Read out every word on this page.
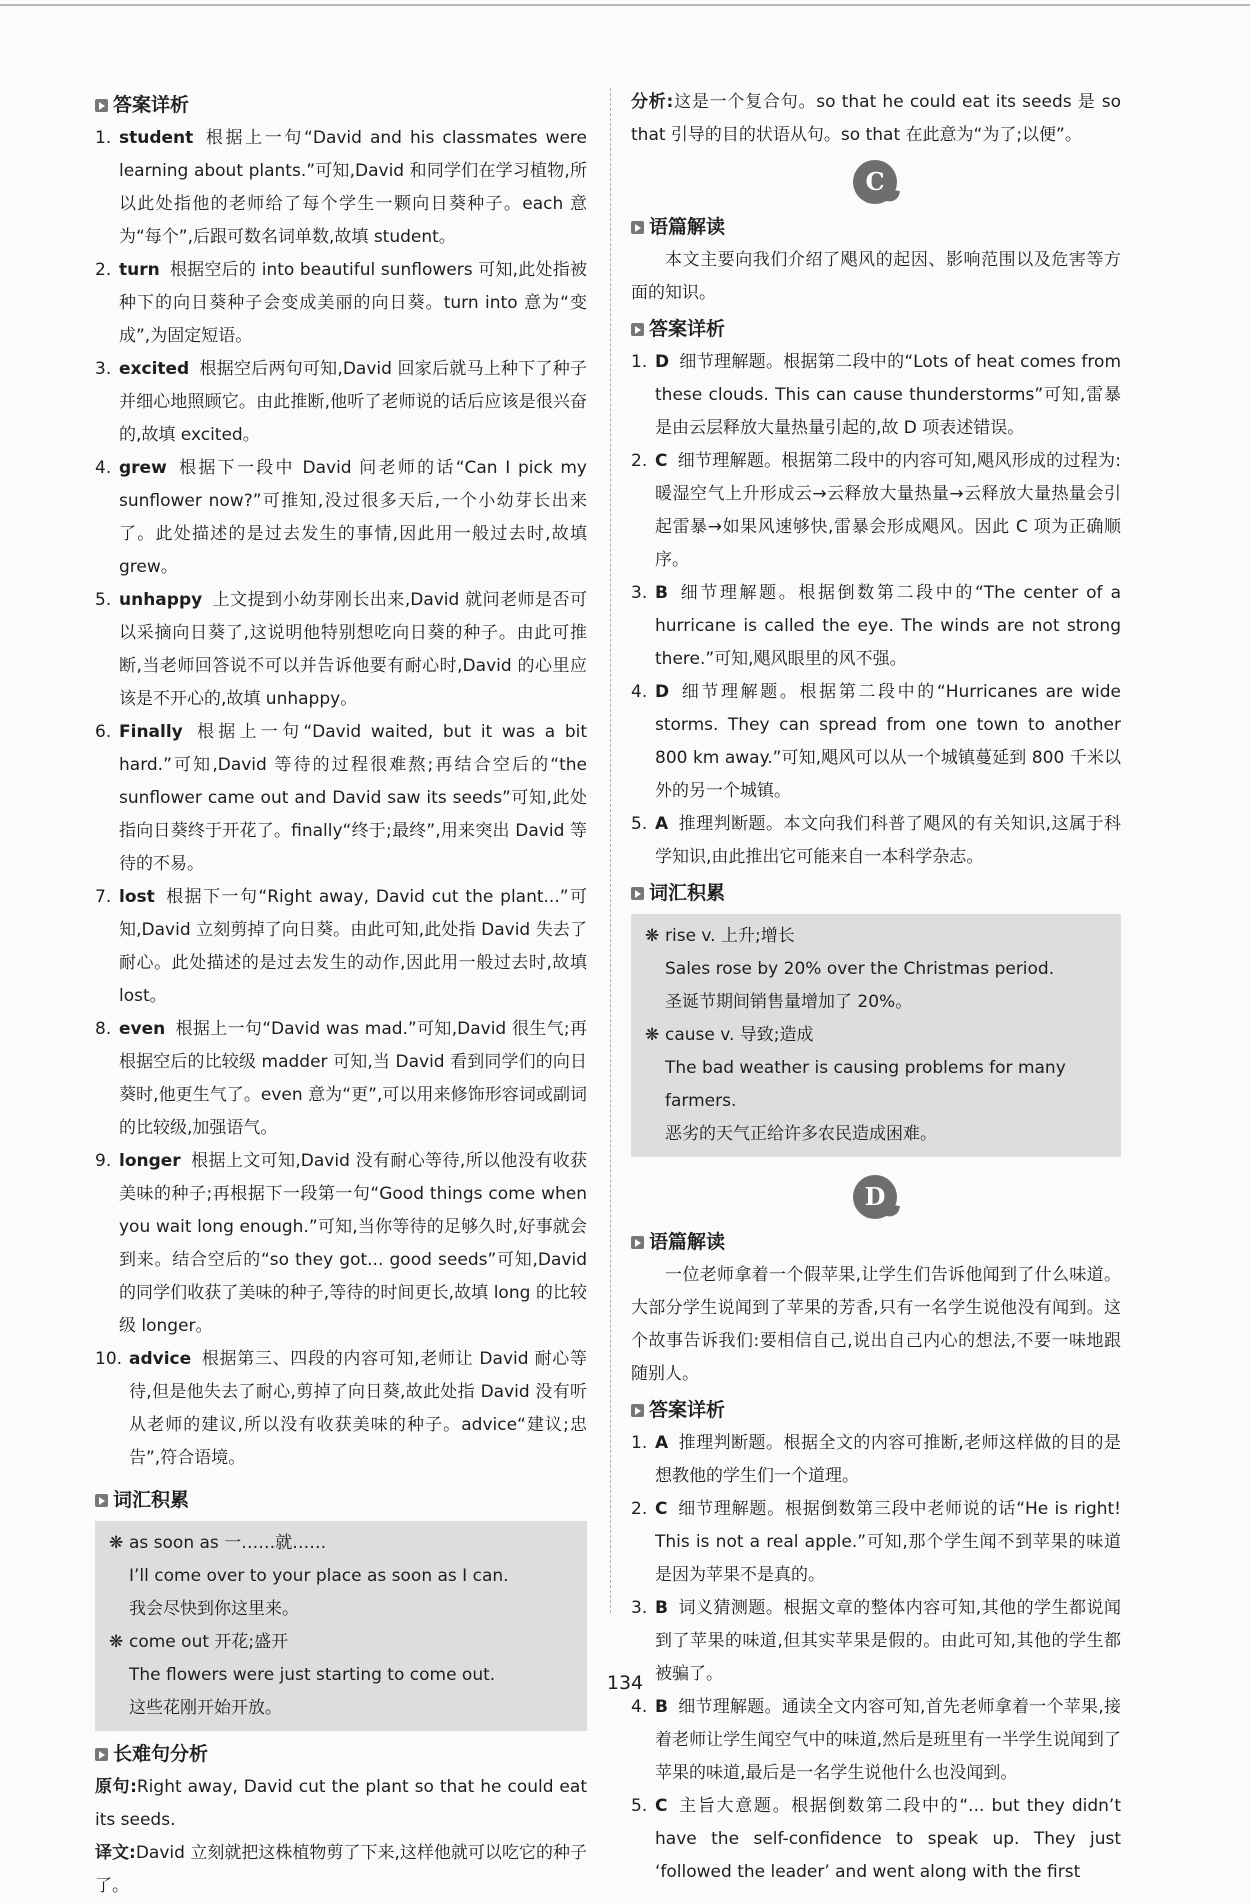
答案详析
1. student 根据上一句“David and his classmates were learning about plants.”可知,David 和同学们在学习植物,所以此处指他的老师给了每个学生一颗向日葵种子。each 意为“每个”,后跟可数名词单数,故填 student。
2. turn 根据空后的 into beautiful sunflowers 可知,此处指被种下的向日葵种子会变成美丽的向日葵。turn into 意为“变成”,为固定短语。
3. excited 根据空后两句可知,David 回家后就马上种下了种子并细心地照顾它。由此推断,他听了老师说的话后应该是很兴奋的,故填 excited。
4. grew 根据下一段中 David 问老师的话“Can I pick my sunflower now?”可推知,没过很多天后,一个小幼芽长出来了。此处描述的是过去发生的事情,因此用一般过去时,故填 grew。
5. unhappy 上文提到小幼芽刚长出来,David 就问老师是否可以采摘向日葵了,这说明他特别想吃向日葵的种子。由此可推断,当老师回答说不可以并告诉他要有耐心时,David 的心里应该是不开心的,故填 unhappy。
6. Finally 根据上一句“David waited, but it was a bit hard.”可知,David 等待的过程很难熬;再结合空后的“the sunflower came out and David saw its seeds”可知,此处指向日葵终于开花了。finally“终于;最终”,用来突出 David 等待的不易。
7. lost 根据下一句“Right away, David cut the plant...”可知,David 立刻剪掉了向日葵。由此可知,此处指 David 失去了耐心。此处描述的是过去发生的动作,因此用一般过去时,故填 lost。
8. even 根据上一句“David was mad.”可知,David 很生气;再根据空后的比较级 madder 可知,当 David 看到同学们的向日葵时,他更生气了。even 意为“更”,可以用来修饰形容词或副词的比较级,加强语气。
9. longer 根据上文可知,David 没有耐心等待,所以他没有收获美味的种子;再根据下一段第一句“Good things come when you wait long enough.”可知,当你等待的足够久时,好事就会到来。结合空后的“so they got... good seeds”可知,David 的同学们收获了美味的种子,等待的时间更长,故填 long 的比较级 longer。
10. advice 根据第三、四段的内容可知,老师让 David 耐心等待,但是他失去了耐心,剪掉了向日葵,故此处指 David 没有听从老师的建议,所以没有收获美味的种子。advice“建议;忠告”,符合语境。
词汇积累
❋ as soon as 一……就……
I’ll come over to your place as soon as I can.
我会尽快到你这里来。
❋ come out 开花;盛开
The flowers were just starting to come out.
这些花刚开始开放。
长难句分析
原句:Right away, David cut the plant so that he could eat its seeds.
译文:David 立刻就把这株植物剪了下来,这样他就可以吃它的种子了。
分析:这是一个复合句。so that he could eat its seeds 是 so that 引导的目的状语从句。so that 在此意为“为了;以便”。
C
语篇解读
本文主要向我们介绍了飓风的起因、影响范围以及危害等方面的知识。
答案详析
1. D 细节理解题。根据第二段中的“Lots of heat comes from these clouds. This can cause thunderstorms”可知,雷暴是由云层释放大量热量引起的,故 D 项表述错误。
2. C 细节理解题。根据第二段中的内容可知,飓风形成的过程为:暖湿空气上升形成云→云释放大量热量→云释放大量热量会引起雷暴→如果风速够快,雷暴会形成飓风。因此 C 项为正确顺序。
3. B 细节理解题。根据倒数第二段中的“The center of a hurricane is called the eye. The winds are not strong there.”可知,飓风眼里的风不强。
4. D 细节理解题。根据第二段中的“Hurricanes are wide storms. They can spread from one town to another 800 km away.”可知,飓风可以从一个城镇蔓延到 800 千米以外的另一个城镇。
5. A 推理判断题。本文向我们科普了飓风的有关知识,这属于科学知识,由此推出它可能来自一本科学杂志。
词汇积累
❋ rise v. 上升;增长
Sales rose by 20% over the Christmas period.
圣诞节期间销售量增加了 20%。
❋ cause v. 导致;造成
The bad weather is causing problems for many farmers.
恶劣的天气正给许多农民造成困难。
D
语篇解读
一位老师拿着一个假苹果,让学生们告诉他闻到了什么味道。大部分学生说闻到了苹果的芳香,只有一名学生说他没有闻到。这个故事告诉我们:要相信自己,说出自己内心的想法,不要一味地跟随别人。
答案详析
1. A 推理判断题。根据全文的内容可推断,老师这样做的目的是想教他的学生们一个道理。
2. C 细节理解题。根据倒数第三段中老师说的话“He is right! This is not a real apple.”可知,那个学生闻不到苹果的味道是因为苹果不是真的。
3. B 词义猜测题。根据文章的整体内容可知,其他的学生都说闻到了苹果的味道,但其实苹果是假的。由此可知,其他的学生都被骗了。
4. B 细节理解题。通读全文内容可知,首先老师拿着一个苹果,接着老师让学生闻空气中的味道,然后是班里有一半学生说闻到了苹果的味道,最后是一名学生说他什么也没闻到。
5. C 主旨大意题。根据倒数第二段中的“... but they didn’t have the self-confidence to speak up. They just ‘followed the leader’ and went along with the first
134
